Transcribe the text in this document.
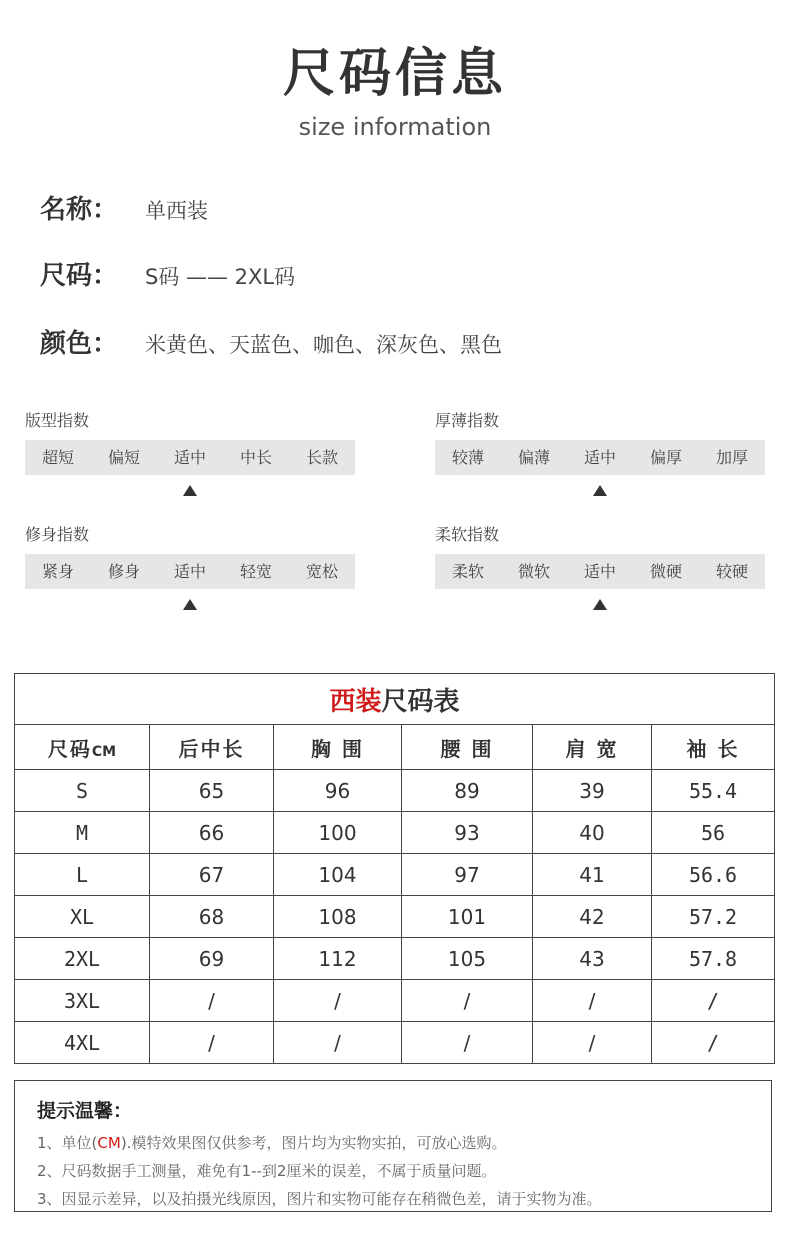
尺码信息
size information
名称： 单西装
尺码： S码 —— 2XL码
颜色： 米黄色、天蓝色、咖色、深灰色、黑色
版型指数
超短	偏短	适中	中长	长款
厚薄指数
较薄	偏薄	适中	偏厚	加厚
修身指数
紧身	修身	适中	轻宽	宽松
柔软指数
柔软	微软	适中	微硬	较硬
西装尺码表					
尺码CM	后中长	胸 围	腰 围	肩 宽	袖 长
S	65	96	89	39	55.4
M	66	100	93	40	56
L	67	104	97	41	56.6
XL	68	108	101	42	57.2
2XL	69	112	105	43	57.8
3XL	/	/	/	/	/
4XL	/	/	/	/	/
提示温馨：
1、单位(CM).模特效果图仅供参考，图片均为实物实拍，可放心选购。
2、尺码数据手工测量，难免有1--到2厘米的误差，不属于质量问题。
3、因显示差异，以及拍摄光线原因，图片和实物可能存在稍微色差，请于实物为准。
